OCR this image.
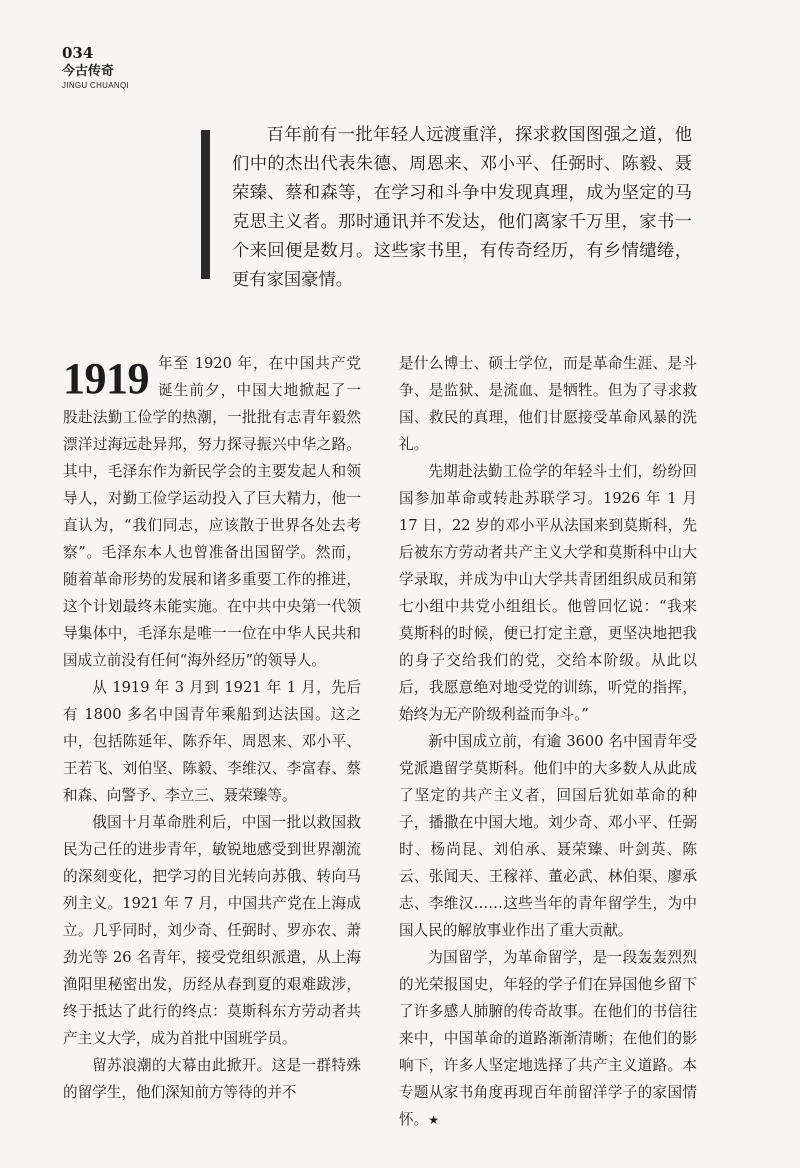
034
今古传奇
JINGU CHUANQI

百年前有一批年轻人远渡重洋，探求救国图强之道，他们中的杰出代表朱德、周恩来、邓小平、任弼时、陈毅、聂荣臻、蔡和森等，在学习和斗争中发现真理，成为坚定的马克思主义者。那时通讯并不发达，他们离家千万里，家书一个来回便是数月。这些家书里，有传奇经历，有乡情缱绻，更有家国豪情。

1919 年至 1920 年，在中国共产党诞生前夕，中国大地掀起了一股赴法勤工俭学的热潮，一批批有志青年毅然漂洋过海远赴异邦，努力探寻振兴中华之路。其中，毛泽东作为新民学会的主要发起人和领导人，对勤工俭学运动投入了巨大精力，他一直认为，“我们同志，应该散于世界各处去考察”。毛泽东本人也曾准备出国留学。然而，随着革命形势的发展和诸多重要工作的推进，这个计划最终未能实施。在中共中央第一代领导集体中，毛泽东是唯一一位在中华人民共和国成立前没有任何“海外经历”的领导人。

从 1919 年 3 月到 1921 年 1 月，先后有 1800 多名中国青年乘船到达法国。这之中，包括陈延年、陈乔年、周恩来、邓小平、王若飞、刘伯坚、陈毅、李维汉、李富春、蔡和森、向警予、李立三、聂荣臻等。

俄国十月革命胜利后，中国一批以救国救民为己任的进步青年，敏锐地感受到世界潮流的深刻变化，把学习的目光转向苏俄、转向马列主义。1921 年 7 月，中国共产党在上海成立。几乎同时，刘少奇、任弼时、罗亦农、萧劲光等 26 名青年，接受党组织派遣，从上海渔阳里秘密出发，历经从春到夏的艰难跋涉，终于抵达了此行的终点：莫斯科东方劳动者共产主义大学，成为首批中国班学员。

留苏浪潮的大幕由此掀开。这是一群特殊的留学生，他们深知前方等待的并不

是什么博士、硕士学位，而是革命生涯、是斗争、是监狱、是流血、是牺牲。但为了寻求救国、救民的真理，他们甘愿接受革命风暴的洗礼。

先期赴法勤工俭学的年轻斗士们，纷纷回国参加革命或转赴苏联学习。1926 年 1 月 17 日，22 岁的邓小平从法国来到莫斯科，先后被东方劳动者共产主义大学和莫斯科中山大学录取，并成为中山大学共青团组织成员和第七小组中共党小组组长。他曾回忆说：“我来莫斯科的时候，便已打定主意，更坚决地把我的身子交给我们的党，交给本阶级。从此以后，我愿意绝对地受党的训练，听党的指挥，始终为无产阶级利益而争斗。”

新中国成立前，有逾 3600 名中国青年受党派遣留学莫斯科。他们中的大多数人从此成了坚定的共产主义者，回国后犹如革命的种子，播撒在中国大地。刘少奇、邓小平、任弼时、杨尚昆、刘伯承、聂荣臻、叶剑英、陈云、张闻天、王稼祥、董必武、林伯渠、廖承志、李维汉……这些当年的青年留学生，为中国人民的解放事业作出了重大贡献。

为国留学，为革命留学，是一段轰轰烈烈的光荣报国史，年轻的学子们在异国他乡留下了许多感人肺腑的传奇故事。在他们的书信往来中，中国革命的道路渐渐清晰；在他们的影响下，许多人坚定地选择了共产主义道路。本专题从家书角度再现百年前留洋学子的家国情怀。★
